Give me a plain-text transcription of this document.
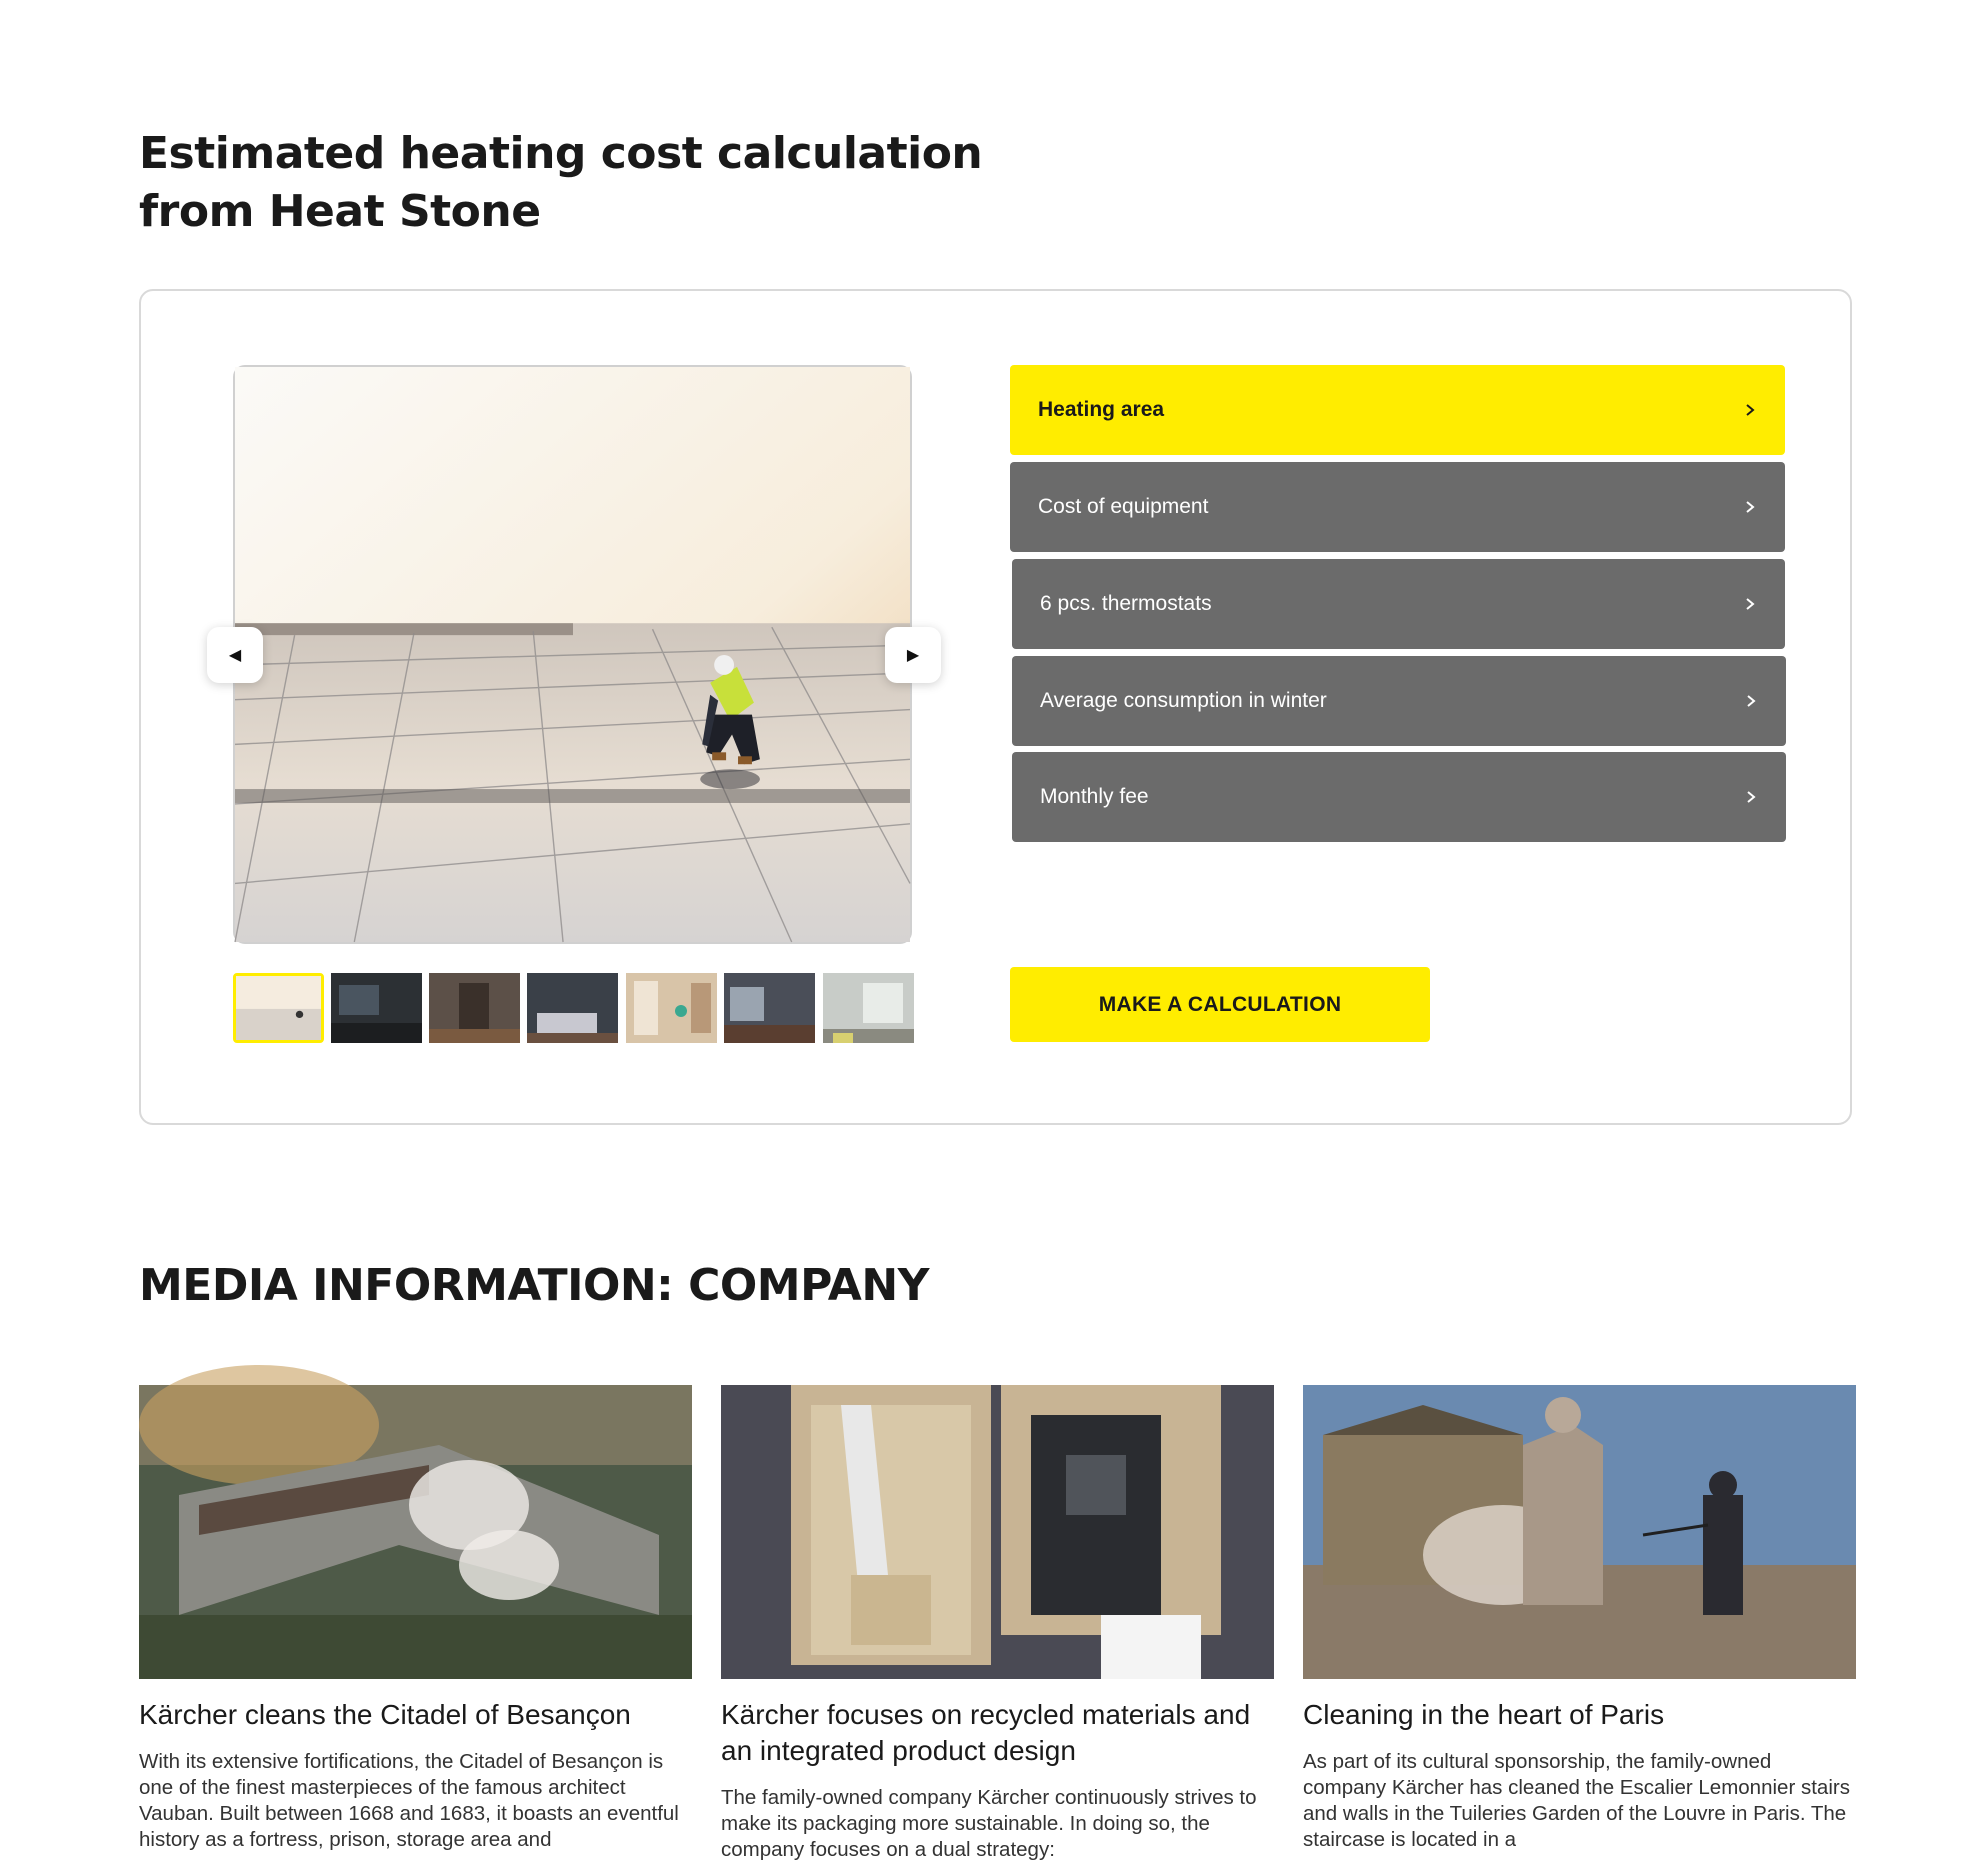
Estimated heating cost calculation from Heat Stone
◀	▶
Heating area
Cost of equipment
6 pcs. thermostats
Average consumption in winter
Monthly fee
MAKE A CALCULATION
MEDIA INFORMATION: COMPANY
Kärcher cleans the Citadel of Besançon
With its extensive fortifications, the Citadel of Besançon is one of the finest masterpieces of the famous architect Vauban. Built between 1668 and 1683, it boasts an eventful history as a fortress, prison, storage area and
Kärcher focuses on recycled materials and an integrated product design
The family-owned company Kärcher continuously strives to make its packaging more sustainable. In doing so, the company focuses on a dual strategy:
Cleaning in the heart of Paris
As part of its cultural sponsorship, the family-owned company Kärcher has cleaned the Escalier Lemonnier stairs and walls in the Tuileries Garden of the Louvre in Paris. The staircase is located in a
